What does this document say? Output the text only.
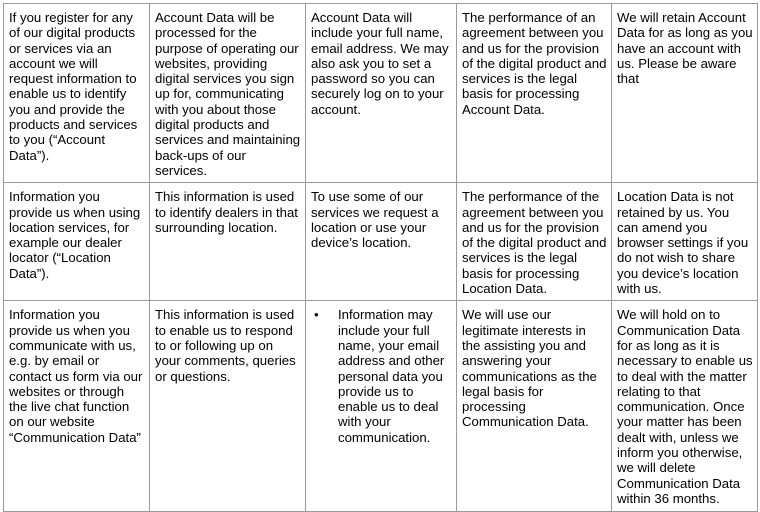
If you register for any of our digital products or services via an account we will request information to enable us to identify you and provide the products and services to you (“Account Data”).	Account Data will be processed for the purpose of operating our websites, providing digital services you sign up for, communicating with you about those digital products and services and maintaining back-ups of our services.	Account Data will include your full name, email address. We may also ask you to set a password so you can securely log on to your account.	The performance of an agreement between you and us for the provision of the digital product and services is the legal basis for processing Account Data.	We will retain Account Data for as long as you have an account with us. Please be aware that
Information you provide us when using location services, for example our dealer locator (“Location Data”).	This information is used to identify dealers in that surrounding location.	To use some of our services we request a location or use your device’s location.	The performance of the agreement between you and us for the provision of the digital product and services is the legal basis for processing Location Data.	Location Data is not retained by us. You can amend you browser settings if you do not wish to share you device’s location with us.
Information you provide us when you communicate with us, e.g. by email or contact us form via our websites or through the live chat function on our website “Communication Data”	This information is used to enable us to respond to or following up on your comments, queries or questions.	• Information may include your full name, your email address and other personal data you provide us to enable us to deal with your communication.	We will use our legitimate interests in the assisting you and answering your communications as the legal basis for processing Communication Data.	We will hold on to Communication Data for as long as it is necessary to enable us to deal with the matter relating to that communication. Once your matter has been dealt with, unless we inform you otherwise, we will delete Communication Data within 36 months.
